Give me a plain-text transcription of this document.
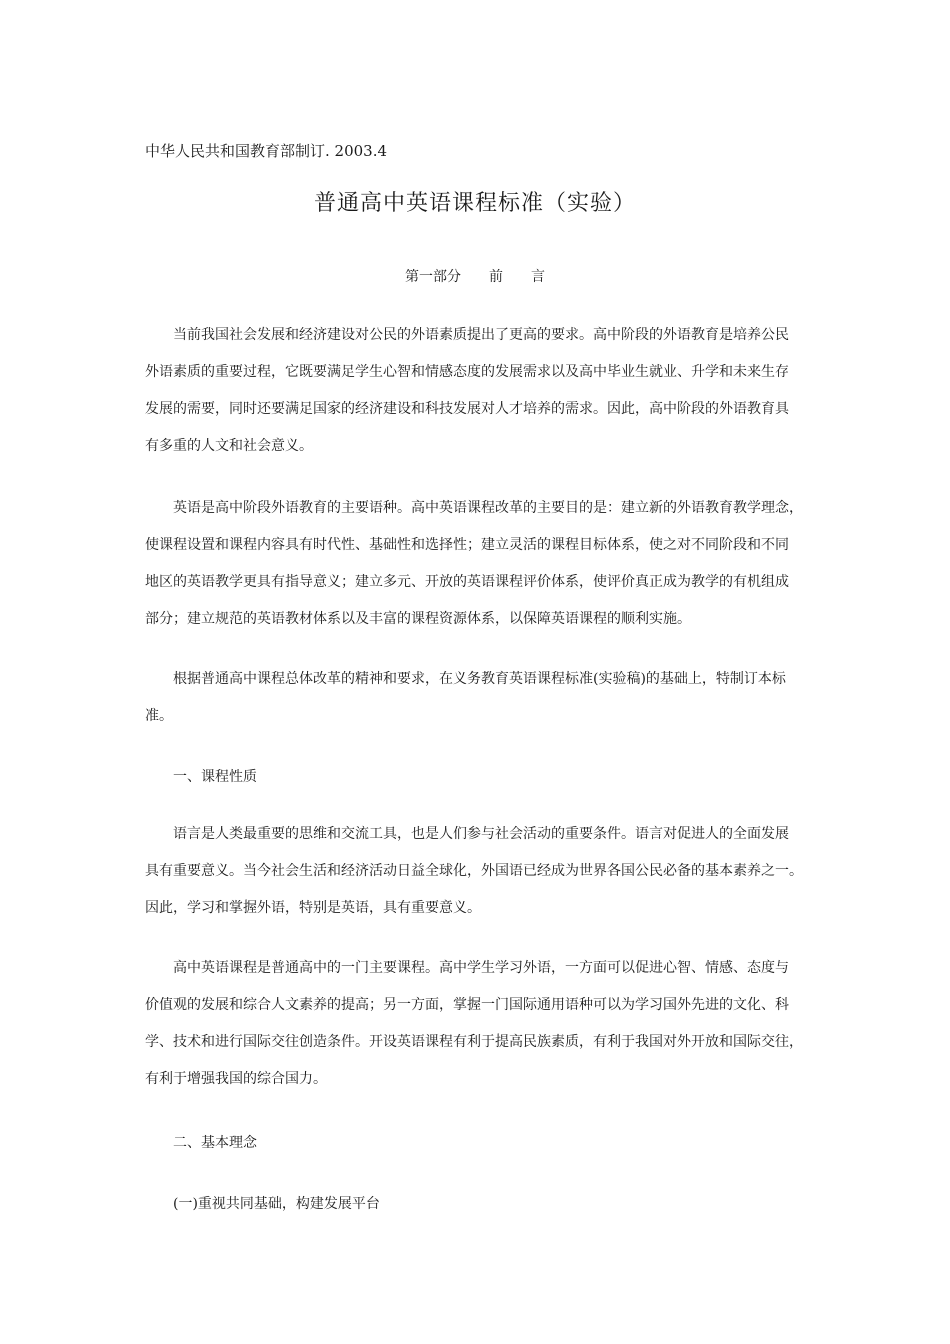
中华人民共和国教育部制订. 2003.4
普通高中英语课程标准（实验）
第一部分　　前　　言

当前我国社会发展和经济建设对公民的外语素质提出了更高的要求。高中阶段的外语教育是培养公民
外语素质的重要过程，它既要满足学生心智和情感态度的发展需求以及高中毕业生就业、升学和未来生存
发展的需要，同时还要满足国家的经济建设和科技发展对人才培养的需求。因此，高中阶段的外语教育具
有多重的人文和社会意义。

英语是高中阶段外语教育的主要语种。高中英语课程改革的主要目的是：建立新的外语教育教学理念，
使课程设置和课程内容具有时代性、基础性和选择性；建立灵活的课程目标体系，使之对不同阶段和不同
地区的英语教学更具有指导意义；建立多元、开放的英语课程评价体系，使评价真正成为教学的有机组成
部分；建立规范的英语教材体系以及丰富的课程资源体系，以保障英语课程的顺利实施。

根据普通高中课程总体改革的精神和要求，在义务教育英语课程标准(实验稿)的基础上，特制订本标
准。

一、课程性质

语言是人类最重要的思维和交流工具，也是人们参与社会活动的重要条件。语言对促进人的全面发展
具有重要意义。当今社会生活和经济活动日益全球化，外国语已经成为世界各国公民必备的基本素养之一。
因此，学习和掌握外语，特别是英语，具有重要意义。

高中英语课程是普通高中的一门主要课程。高中学生学习外语，一方面可以促进心智、情感、态度与
价值观的发展和综合人文素养的提高；另一方面，掌握一门国际通用语种可以为学习国外先进的文化、科
学、技术和进行国际交往创造条件。开设英语课程有利于提高民族素质，有利于我国对外开放和国际交往，
有利于增强我国的综合国力。

二、基本理念
(一)重视共同基础，构建发展平台
